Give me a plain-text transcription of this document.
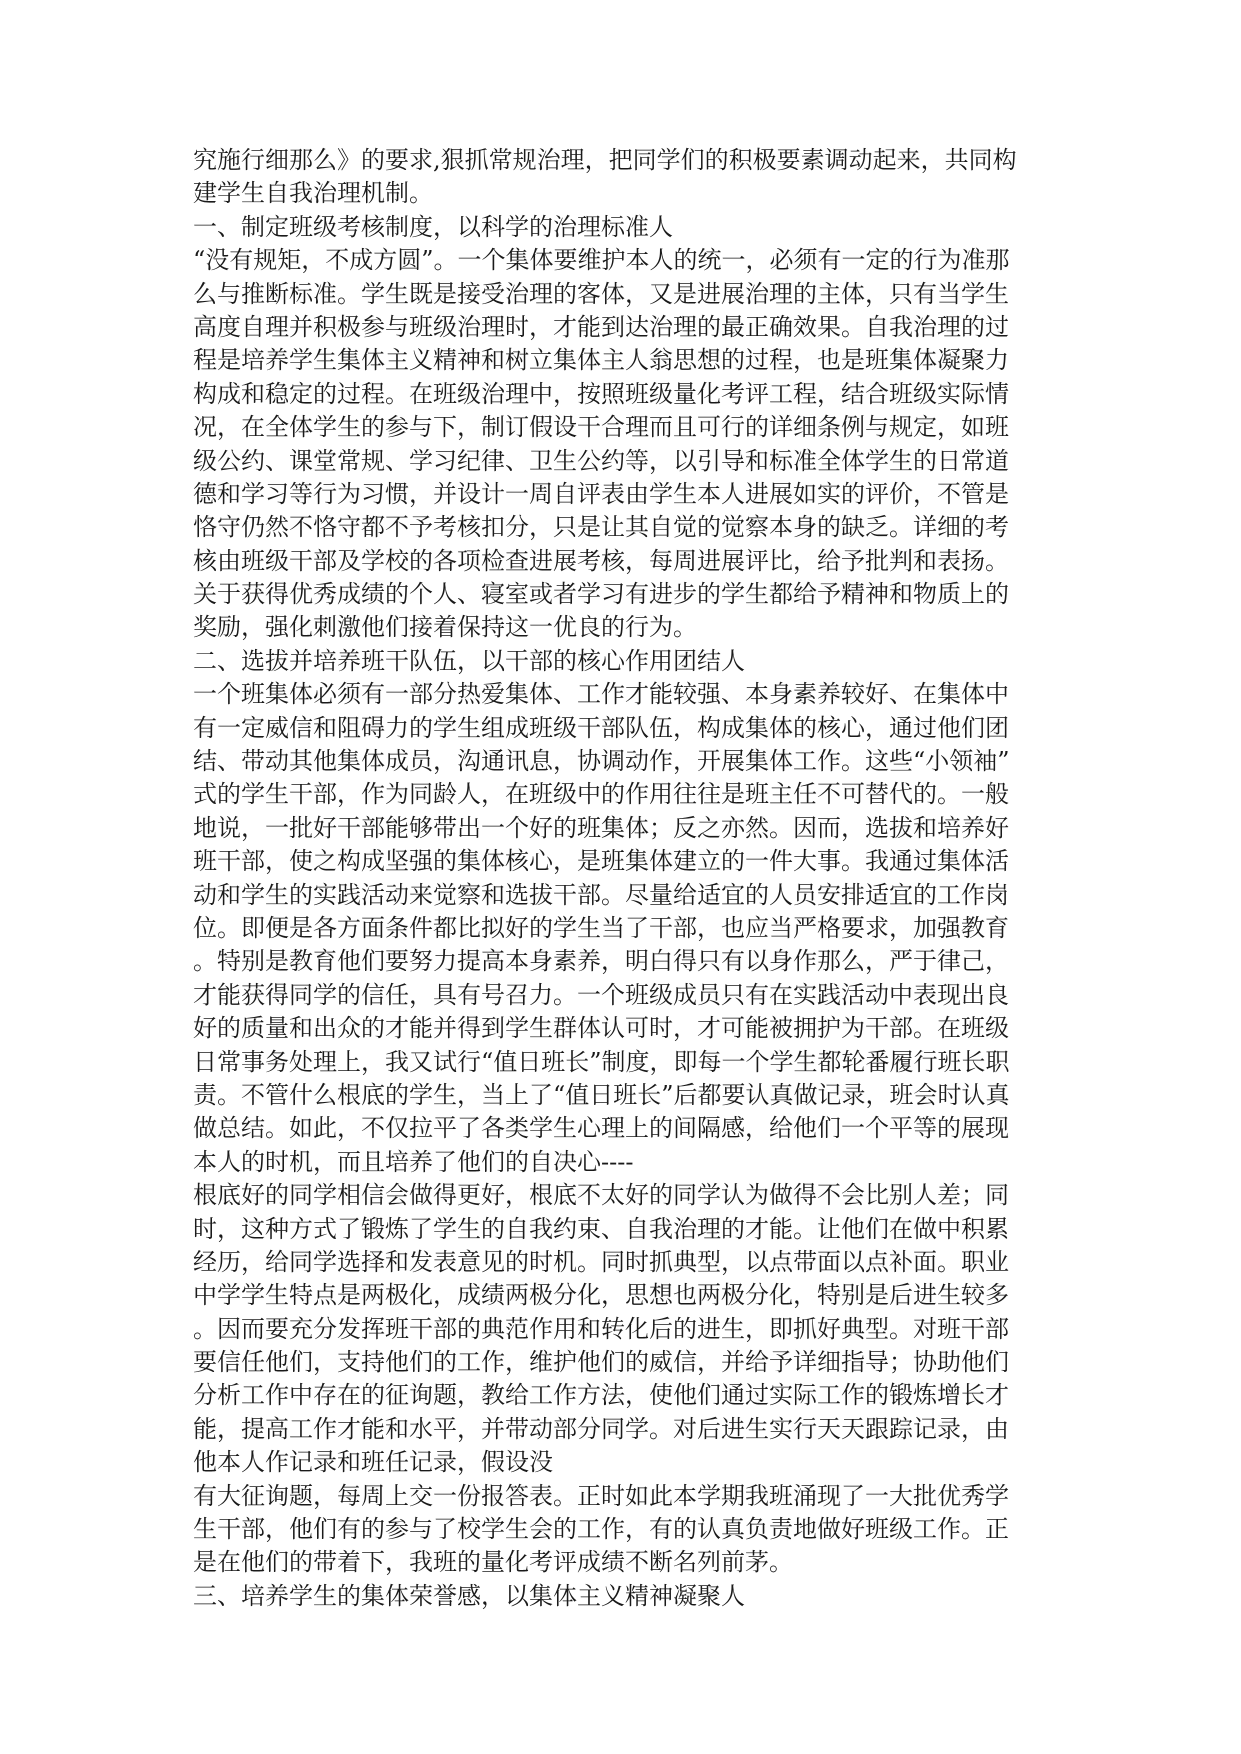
究施行细那么》的要求,狠抓常规治理，把同学们的积极要素调动起来，共同构
建学生自我治理机制。
一、制定班级考核制度，以科学的治理标准人
“没有规矩，不成方圆”。一个集体要维护本人的统一，必须有一定的行为准那
么与推断标准。学生既是接受治理的客体，又是进展治理的主体，只有当学生
高度自理并积极参与班级治理时，才能到达治理的最正确效果。自我治理的过
程是培养学生集体主义精神和树立集体主人翁思想的过程，也是班集体凝聚力
构成和稳定的过程。在班级治理中，按照班级量化考评工程，结合班级实际情
况，在全体学生的参与下，制订假设干合理而且可行的详细条例与规定，如班
级公约、课堂常规、学习纪律、卫生公约等，以引导和标准全体学生的日常道
德和学习等行为习惯，并设计一周自评表由学生本人进展如实的评价，不管是
恪守仍然不恪守都不予考核扣分，只是让其自觉的觉察本身的缺乏。详细的考
核由班级干部及学校的各项检查进展考核，每周进展评比，给予批判和表扬。
关于获得优秀成绩的个人、寝室或者学习有进步的学生都给予精神和物质上的
奖励，强化刺激他们接着保持这一优良的行为。
二、选拔并培养班干队伍，以干部的核心作用团结人
一个班集体必须有一部分热爱集体、工作才能较强、本身素养较好、在集体中
有一定威信和阻碍力的学生组成班级干部队伍，构成集体的核心，通过他们团
结、带动其他集体成员，沟通讯息，协调动作，开展集体工作。这些“小领袖”
式的学生干部，作为同龄人，在班级中的作用往往是班主任不可替代的。一般
地说，一批好干部能够带出一个好的班集体；反之亦然。因而，选拔和培养好
班干部，使之构成坚强的集体核心，是班集体建立的一件大事。我通过集体活
动和学生的实践活动来觉察和选拔干部。尽量给适宜的人员安排适宜的工作岗
位。即便是各方面条件都比拟好的学生当了干部，也应当严格要求，加强教育
。特别是教育他们要努力提高本身素养，明白得只有以身作那么，严于律己，
才能获得同学的信任，具有号召力。一个班级成员只有在实践活动中表现出良
好的质量和出众的才能并得到学生群体认可时，才可能被拥护为干部。在班级
日常事务处理上，我又试行“值日班长”制度，即每一个学生都轮番履行班长职
责。不管什么根底的学生，当上了“值日班长”后都要认真做记录，班会时认真
做总结。如此，不仅拉平了各类学生心理上的间隔感，给他们一个平等的展现
本人的时机，而且培养了他们的自决心----
根底好的同学相信会做得更好，根底不太好的同学认为做得不会比别人差；同
时，这种方式了锻炼了学生的自我约束、自我治理的才能。让他们在做中积累
经历，给同学选择和发表意见的时机。同时抓典型，以点带面以点补面。职业
中学学生特点是两极化，成绩两极分化，思想也两极分化，特别是后进生较多
。因而要充分发挥班干部的典范作用和转化后的进生，即抓好典型。对班干部
要信任他们，支持他们的工作，维护他们的威信，并给予详细指导；协助他们
分析工作中存在的征询题，教给工作方法，使他们通过实际工作的锻炼增长才
能，提高工作才能和水平，并带动部分同学。对后进生实行天天跟踪记录，由
他本人作记录和班任记录，假设没
有大征询题，每周上交一份报答表。正时如此本学期我班涌现了一大批优秀学
生干部，他们有的参与了校学生会的工作，有的认真负责地做好班级工作。正
是在他们的带着下，我班的量化考评成绩不断名列前茅。
三、培养学生的集体荣誉感，以集体主义精神凝聚人
